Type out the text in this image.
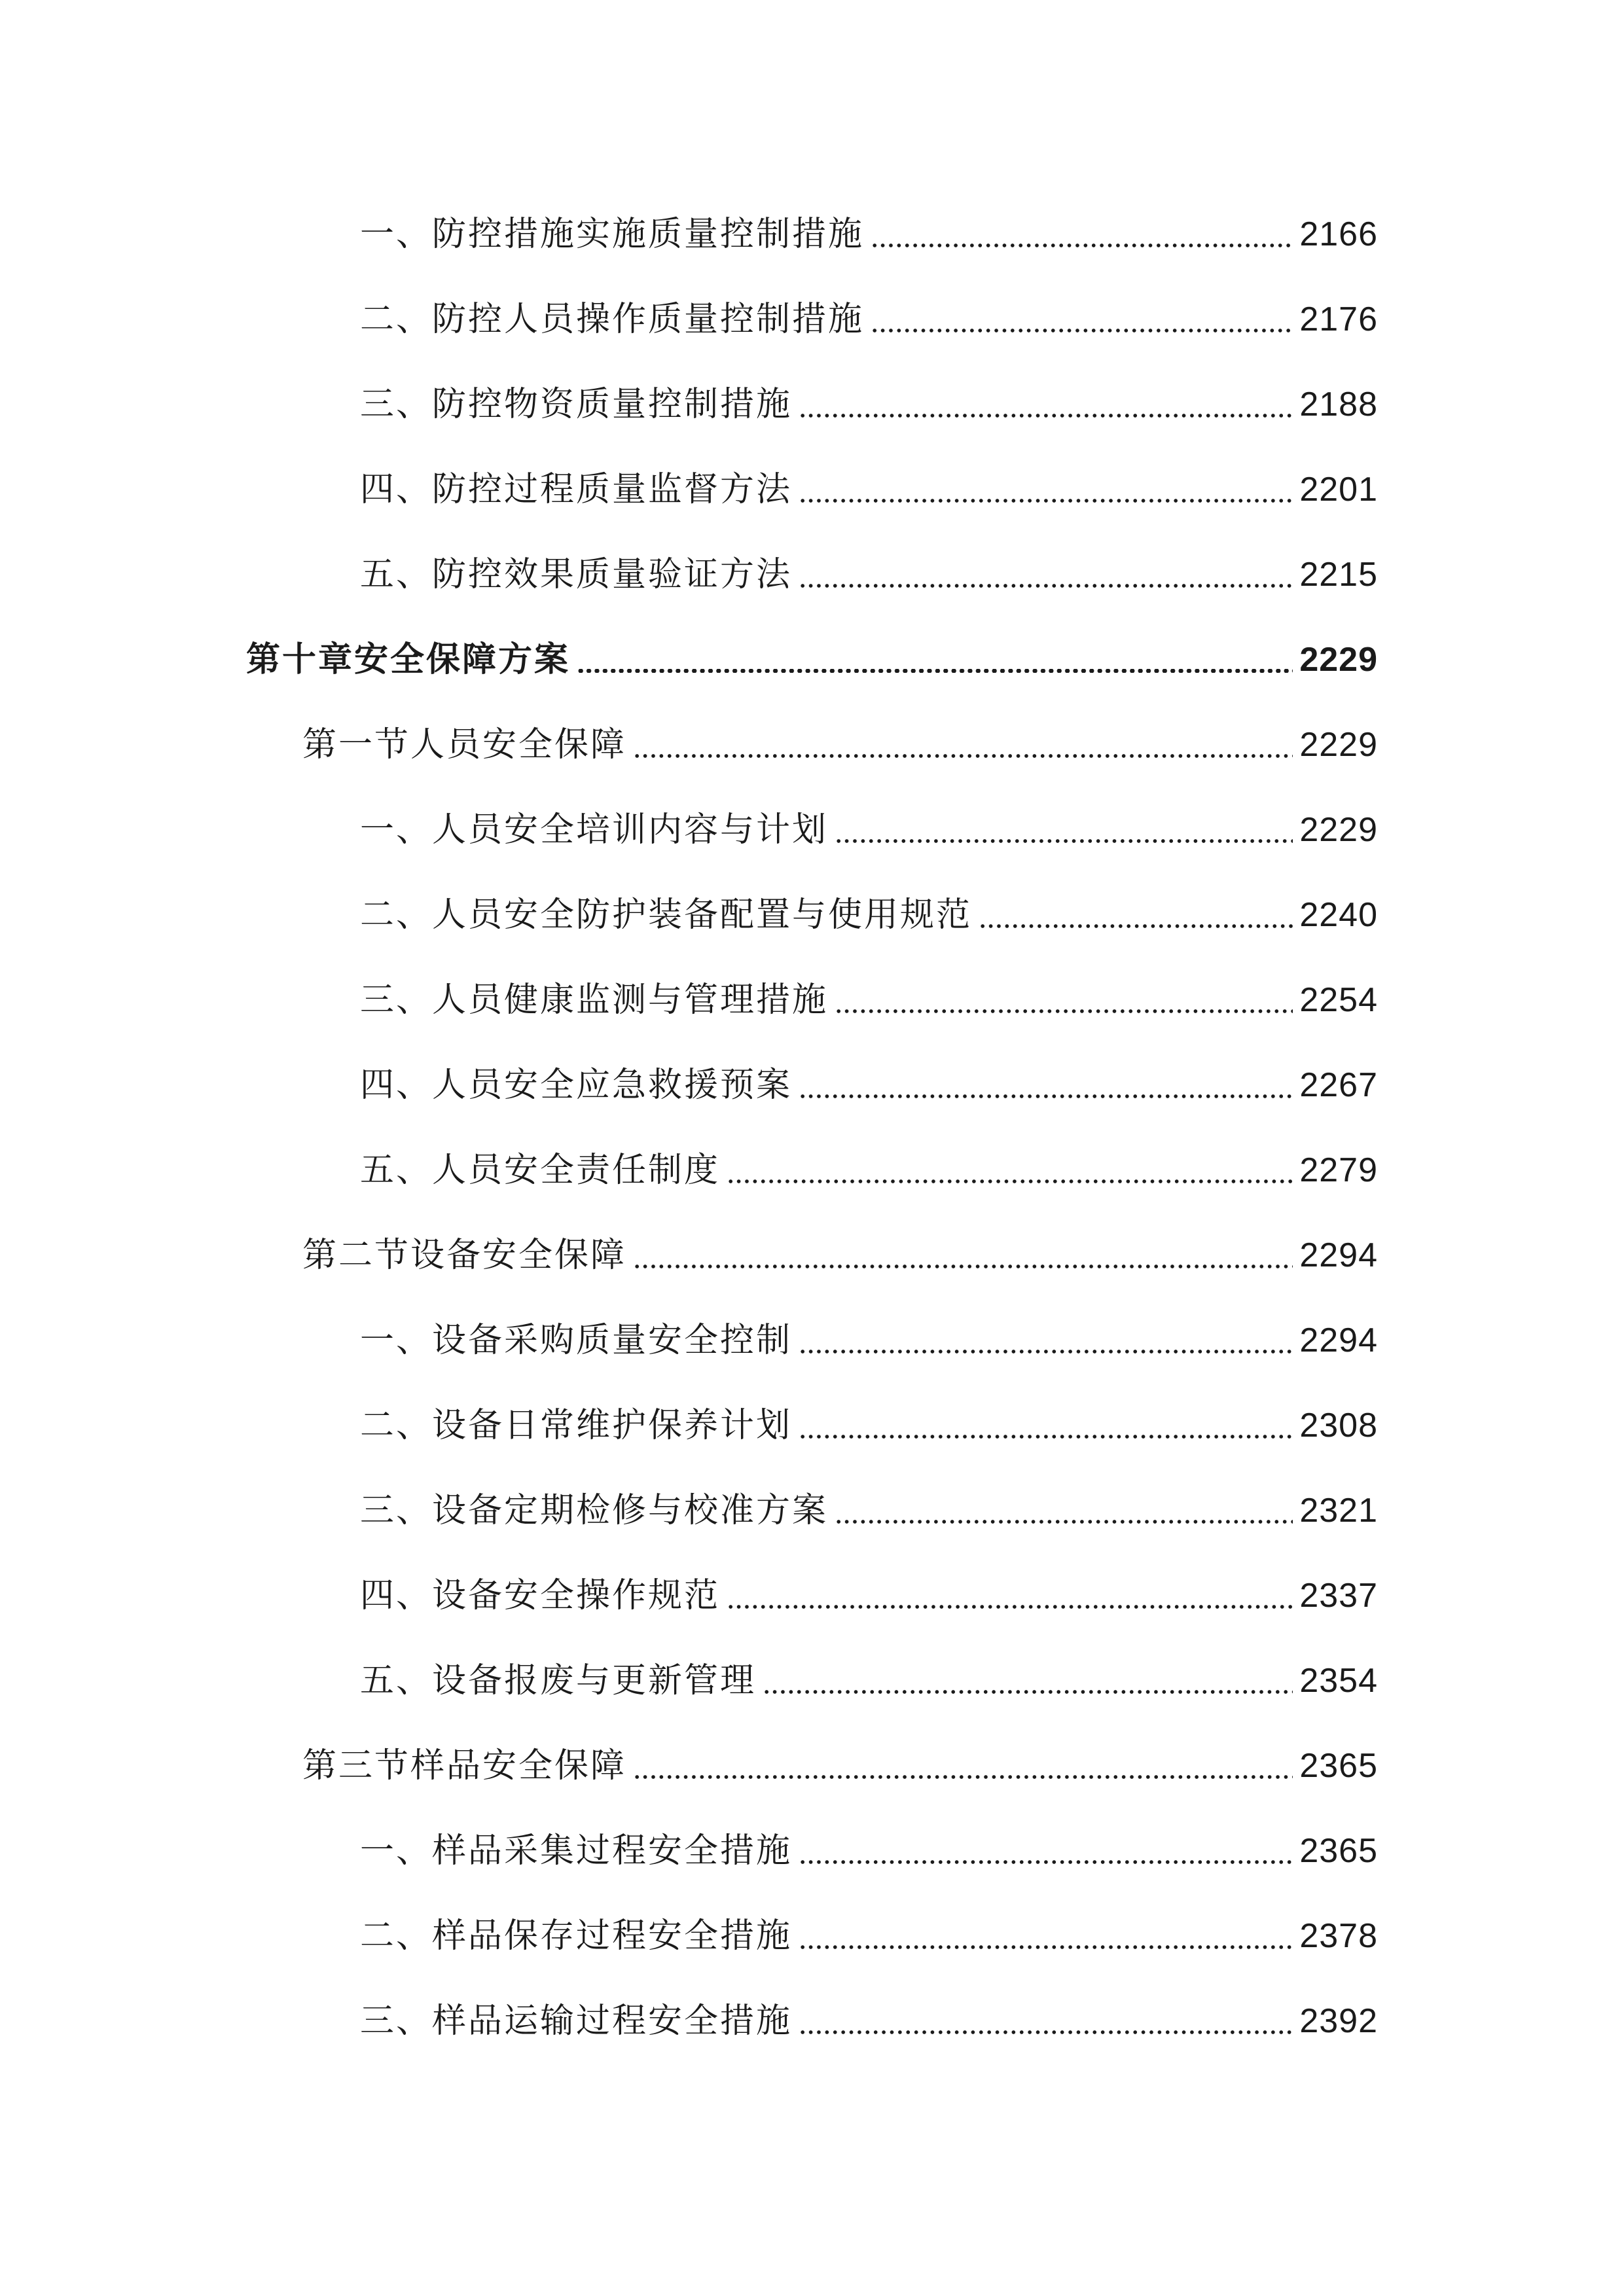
一、防控措施实施质量控制措施	2166
二、防控人员操作质量控制措施	2176
三、防控物资质量控制措施	2188
四、防控过程质量监督方法	2201
五、防控效果质量验证方法	2215
第十章安全保障方案	2229
第一节人员安全保障	2229
一、人员安全培训内容与计划	2229
二、人员安全防护装备配置与使用规范	2240
三、人员健康监测与管理措施	2254
四、人员安全应急救援预案	2267
五、人员安全责任制度	2279
第二节设备安全保障	2294
一、设备采购质量安全控制	2294
二、设备日常维护保养计划	2308
三、设备定期检修与校准方案	2321
四、设备安全操作规范	2337
五、设备报废与更新管理	2354
第三节样品安全保障	2365
一、样品采集过程安全措施	2365
二、样品保存过程安全措施	2378
三、样品运输过程安全措施	2392
